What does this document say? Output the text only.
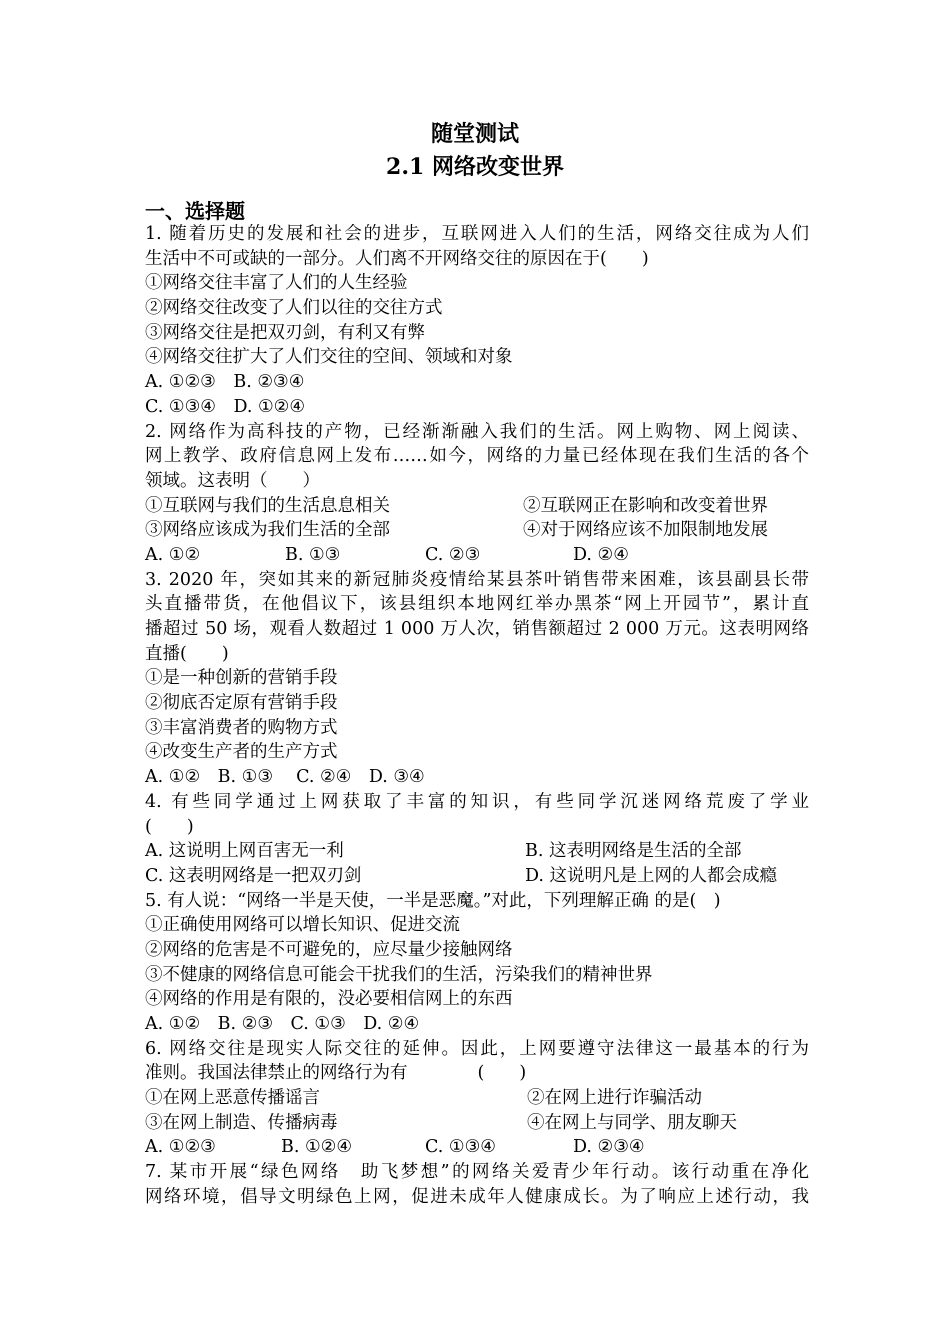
随堂测试
2.1 网络改变世界
一、选择题
1. 随着历史的发展和社会的进步，互联网进入人们的生活，网络交往成为人们
生活中不可或缺的一部分。人们离不开网络交往的原因在于(　　)
①网络交往丰富了人们的人生经验
②网络交往改变了人们以往的交往方式
③网络交往是把双刃剑，有利又有弊
④网络交往扩大了人们交往的空间、领域和对象
A. ①②③　B. ②③④
C. ①③④　D. ①②④
2. 网络作为高科技的产物，已经渐渐融入我们的生活。网上购物、网上阅读、
网上教学、政府信息网上发布……如今，网络的力量已经体现在我们生活的各个
领域。这表明（　　）
①互联网与我们的生活息息相关	②互联网正在影响和改变着世界
③网络应该成为我们生活的全部	④对于网络应该不加限制地发展
A. ①②	B. ①③	C. ②③	D. ②④
3. 2020 年，突如其来的新冠肺炎疫情给某县茶叶销售带来困难，该县副县长带
头直播带货，在他倡议下，该县组织本地网红举办黑茶“网上开园节”，累计直
播超过 50 场，观看人数超过 1 000 万人次，销售额超过 2 000 万元。这表明网络
直播(　　)
①是一种创新的营销手段
②彻底否定原有营销手段
③丰富消费者的购物方式
④改变生产者的生产方式
A. ①②　B. ①③　 C. ②④　D. ③④
4. 有些同学通过上网获取了丰富的知识，有些同学沉迷网络荒废了学业
(　　)
A. 这说明上网百害无一利	B. 这表明网络是生活的全部
C. 这表明网络是一把双刃剑	D. 这说明凡是上网的人都会成瘾
5. 有人说：“网络一半是天使，一半是恶魔。”对此，下列理解正确 的是(　)
①正确使用网络可以增长知识、促进交流
②网络的危害是不可避免的，应尽量少接触网络
③不健康的网络信息可能会干扰我们的生活，污染我们的精神世界
④网络的作用是有限的，没必要相信网上的东西
A. ①②　B. ②③　C. ①③　D. ②④
6. 网络交往是现实人际交往的延伸。因此，上网要遵守法律这一最基本的行为
准则。我国法律禁止的网络行为有　　　　(　　)
①在网上恶意传播谣言	②在网上进行诈骗活动
③在网上制造、传播病毒	④在网上与同学、朋友聊天
A. ①②③	B. ①②④	C. ①③④	D. ②③④
7. 某市开展“绿色网络　助飞梦想”的网络关爱青少年行动。该行动重在净化
网络环境，倡导文明绿色上网，促进未成年人健康成长。为了响应上述行动，我
